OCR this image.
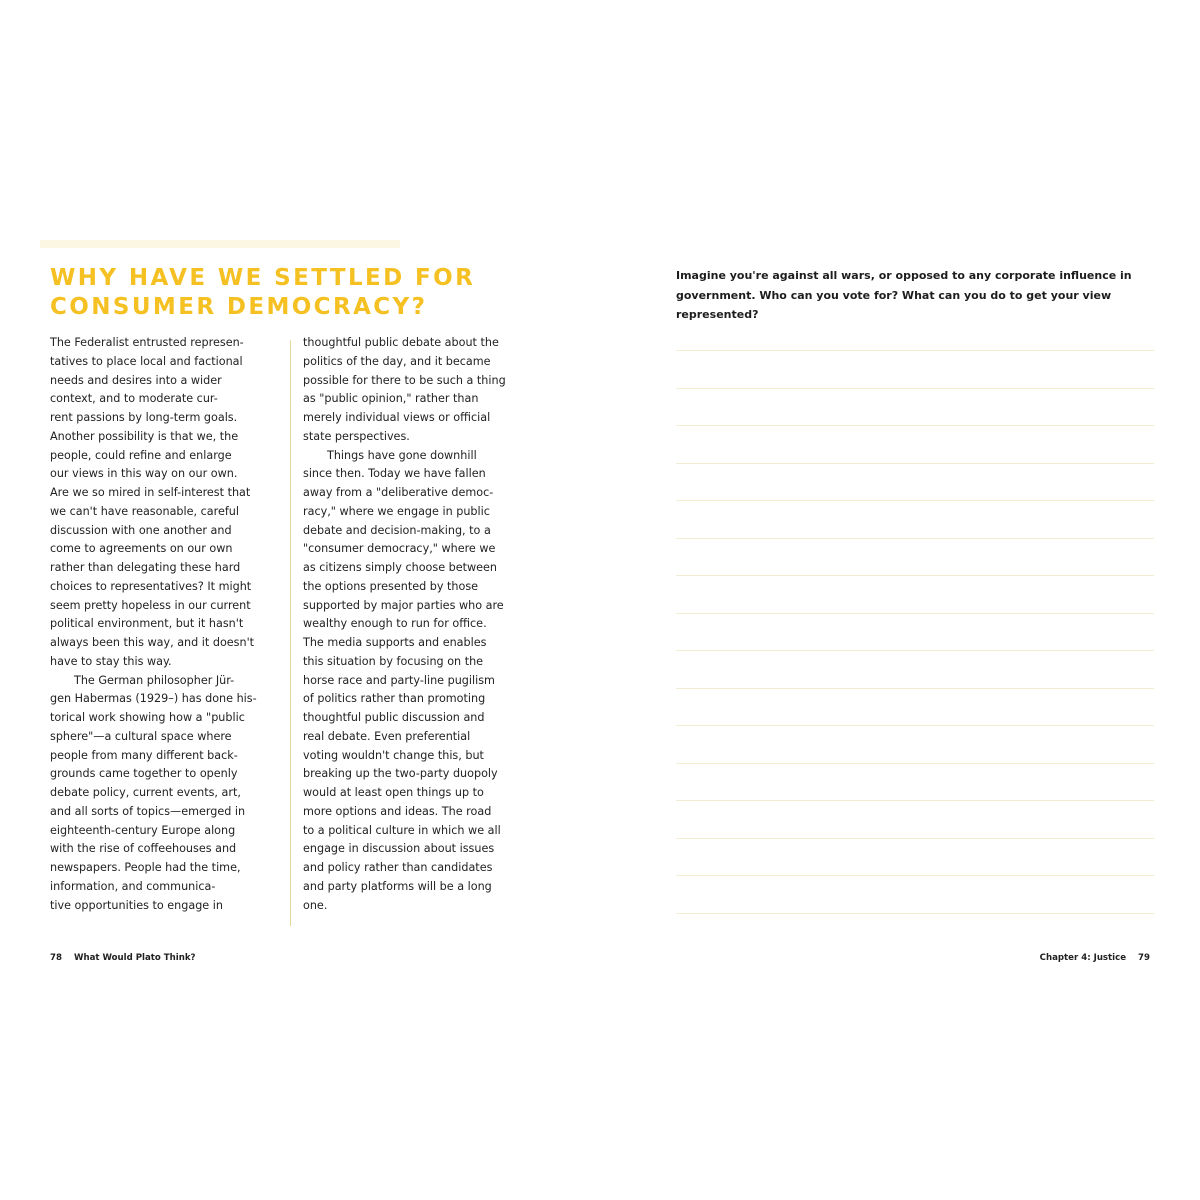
WHY HAVE WE SETTLED FOR
CONSUMER DEMOCRACY?

The Federalist entrusted represen-
tatives to place local and factional
needs and desires into a wider
context, and to moderate cur-
rent passions by long-term goals.
Another possibility is that we, the
people, could refine and enlarge
our views in this way on our own.
Are we so mired in self-interest that
we can't have reasonable, careful
discussion with one another and
come to agreements on our own
rather than delegating these hard
choices to representatives? It might
seem pretty hopeless in our current
political environment, but it hasn't
always been this way, and it doesn't
have to stay this way.

The German philosopher Jür-
gen Habermas (1929–) has done his-
torical work showing how a "public
sphere"—a cultural space where
people from many different back-
grounds came together to openly
debate policy, current events, art,
and all sorts of topics—emerged in
eighteenth-century Europe along
with the rise of coffeehouses and
newspapers. People had the time,
information, and communica-
tive opportunities to engage in

thoughtful public debate about the
politics of the day, and it became
possible for there to be such a thing
as "public opinion," rather than
merely individual views or official
state perspectives.

Things have gone downhill
since then. Today we have fallen
away from a "deliberative democ-
racy," where we engage in public
debate and decision-making, to a
"consumer democracy," where we
as citizens simply choose between
the options presented by those
supported by major parties who are
wealthy enough to run for office.
The media supports and enables
this situation by focusing on the
horse race and party-line pugilism
of politics rather than promoting
thoughtful public discussion and
real debate. Even preferential
voting wouldn't change this, but
breaking up the two-party duopoly
would at least open things up to
more options and ideas. The road
to a political culture in which we all
engage in discussion about issues
and policy rather than candidates
and party platforms will be a long
one.

78 What Would Plato Think?

Imagine you're against all wars, or opposed to any corporate influence in
government. Who can you vote for? What can you do to get your view
represented?

Chapter 4: Justice 79
